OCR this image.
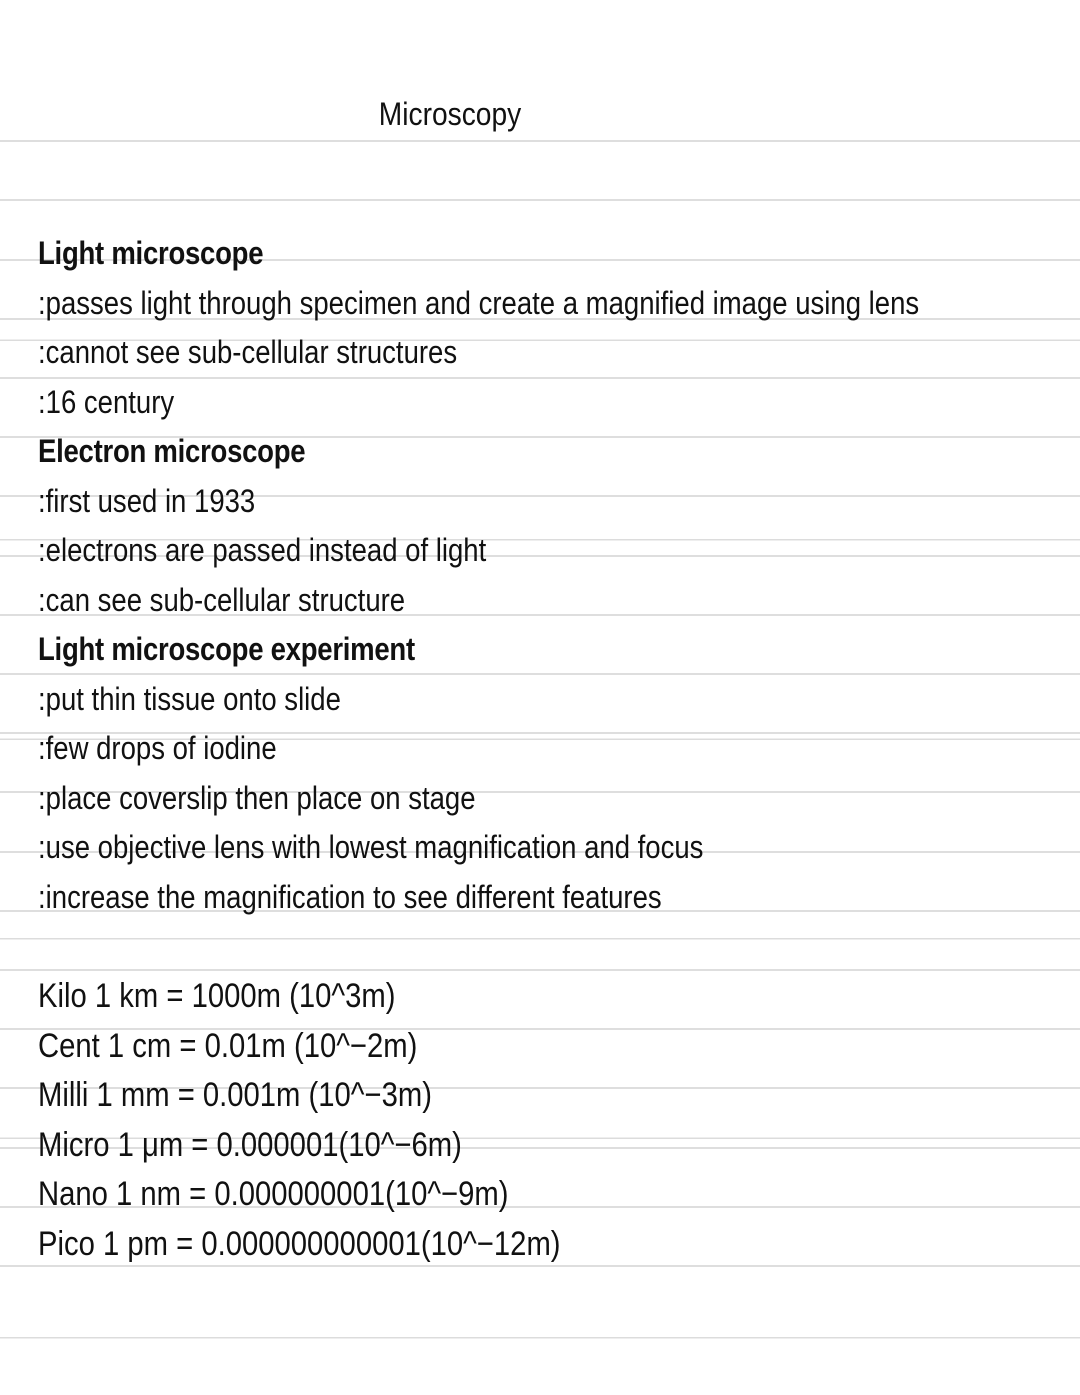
Microscopy
Light microscope
:passes light through specimen and create a magnified image using lens
:cannot see sub-cellular structures
:16 century
Electron microscope
:first used in 1933
:electrons are passed instead of light
:can see sub-cellular structure
Light microscope experiment
:put thin tissue onto slide
:few drops of iodine
:place coverslip then place on stage
:use objective lens with lowest magnification and focus
:increase the magnification to see different features
Kilo 1 km = 1000m (10^3m)
Cent 1 cm = 0.01m (10^−2m)
Milli 1 mm = 0.001m (10^−3m)
Micro 1 μm = 0.000001(10^−6m)
Nano 1 nm = 0.000000001(10^−9m)
Pico 1 pm = 0.000000000001(10^−12m)
